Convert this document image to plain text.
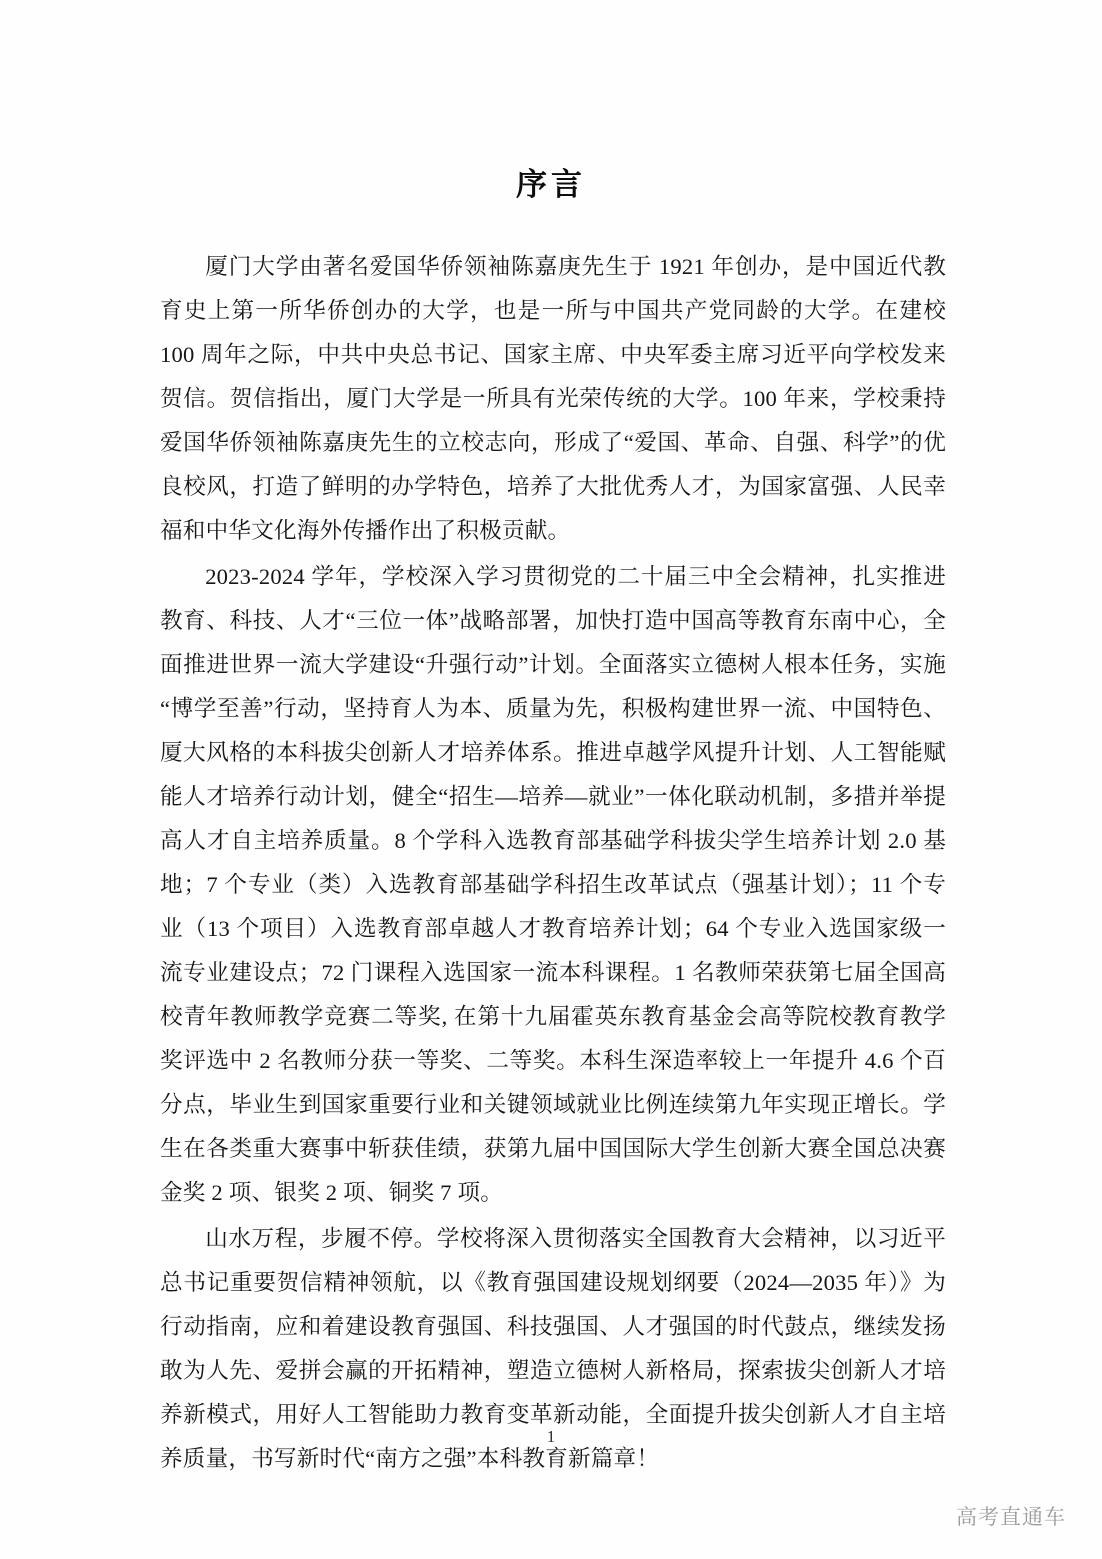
序言

厦门大学由著名爱国华侨领袖陈嘉庚先生于 1921 年创办，是中国近代教育史上第一所华侨创办的大学，也是一所与中国共产党同龄的大学。在建校 100 周年之际，中共中央总书记、国家主席、中央军委主席习近平向学校发来贺信。贺信指出，厦门大学是一所具有光荣传统的大学。100 年来，学校秉持爱国华侨领袖陈嘉庚先生的立校志向，形成了“爱国、革命、自强、科学”的优良校风，打造了鲜明的办学特色，培养了大批优秀人才，为国家富强、人民幸福和中华文化海外传播作出了积极贡献。

2023-2024 学年，学校深入学习贯彻党的二十届三中全会精神，扎实推进教育、科技、人才“三位一体”战略部署，加快打造中国高等教育东南中心，全面推进世界一流大学建设“升强行动”计划。全面落实立德树人根本任务，实施“博学至善”行动，坚持育人为本、质量为先，积极构建世界一流、中国特色、厦大风格的本科拔尖创新人才培养体系。推进卓越学风提升计划、人工智能赋能人才培养行动计划，健全“招生—培养—就业”一体化联动机制，多措并举提高人才自主培养质量。8 个学科入选教育部基础学科拔尖学生培养计划 2.0 基地；7 个专业（类）入选教育部基础学科招生改革试点（强基计划）；11 个专业（13 个项目）入选教育部卓越人才教育培养计划；64 个专业入选国家级一流专业建设点；72 门课程入选国家一流本科课程。1 名教师荣获第七届全国高校青年教师教学竞赛二等奖, 在第十九届霍英东教育基金会高等院校教育教学奖评选中 2 名教师分获一等奖、二等奖。本科生深造率较上一年提升 4.6 个百分点，毕业生到国家重要行业和关键领域就业比例连续第九年实现正增长。学生在各类重大赛事中斩获佳绩，获第九届中国国际大学生创新大赛全国总决赛金奖 2 项、银奖 2 项、铜奖 7 项。

山水万程，步履不停。学校将深入贯彻落实全国教育大会精神，以习近平总书记重要贺信精神领航，以《教育强国建设规划纲要（2024—2035 年）》为行动指南，应和着建设教育强国、科技强国、人才强国的时代鼓点，继续发扬敢为人先、爱拼会赢的开拓精神，塑造立德树人新格局，探索拔尖创新人才培养新模式，用好人工智能助力教育变革新动能，全面提升拔尖创新人才自主培养质量，书写新时代“南方之强”本科教育新篇章！

1
高考直通车
